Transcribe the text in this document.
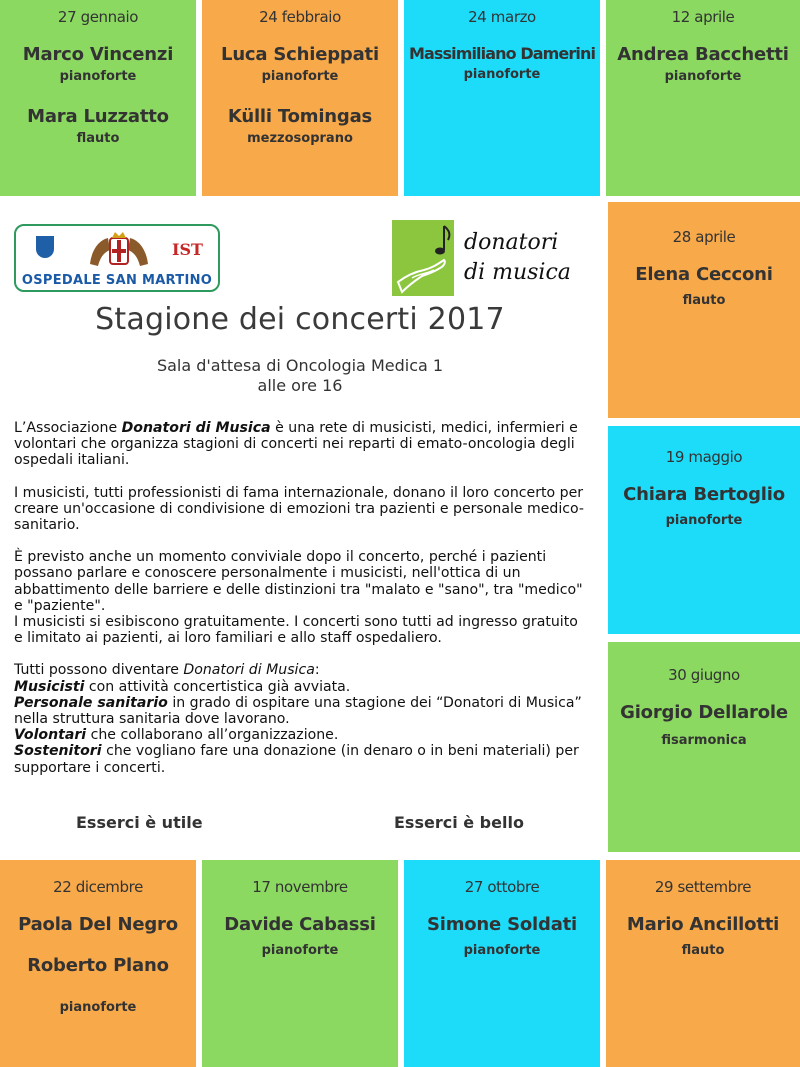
27 gennaio
Marco Vincenzi
pianoforte
Mara Luzzatto
flauto
24 febbraio
Luca Schieppati
pianoforte
Külli Tomingas
mezzosoprano
24 marzo
Massimiliano Damerini
pianoforte
12 aprile
Andrea Bacchetti
pianoforte
28 aprile
Elena Cecconi
flauto
19 maggio
Chiara Bertoglio
pianoforte
30 giugno
Giorgio Dellarole
fisarmonica
22 dicembre
Paola Del Negro
Roberto Plano
pianoforte
17 novembre
Davide Cabassi
pianoforte
27 ottobre
Simone Soldati
pianoforte
29 settembre
Mario Ancillotti
flauto
IST
OSPEDALE SAN MARTINO
donatori
di musica
Stagione dei concerti 2017
Sala d'attesa di Oncologia Medica 1
alle ore 16

L’Associazione Donatori di Musica è una rete di musicisti, medici, infermieri e volontari che organizza stagioni di concerti nei reparti di emato-oncologia degli ospedali italiani.

I musicisti, tutti professionisti di fama internazionale, donano il loro concerto per creare un'occasione di condivisione di emozioni tra pazienti e personale medico-sanitario.

È previsto anche un momento conviviale dopo il concerto, perché i pazienti possano parlare e conoscere personalmente i musicisti, nell'ottica di un abbattimento delle barriere e delle distinzioni tra "malato e "sano", tra "medico" e "paziente".

I musicisti si esibiscono gratuitamente. I concerti sono tutti ad ingresso gratuito e limitato ai pazienti, ai loro familiari e allo staff ospedaliero.

Tutti possono diventare Donatori di Musica:

Musicisti con attività concertistica già avviata.
Personale sanitario in grado di ospitare una stagione dei “Donatori di Musica” nella struttura sanitaria dove lavorano.
Volontari che collaborano all’organizzazione.
Sostenitori che vogliano fare una donazione (in denaro o in beni materiali) per supportare i concerti.
Esserci è utile	Esserci è bello
